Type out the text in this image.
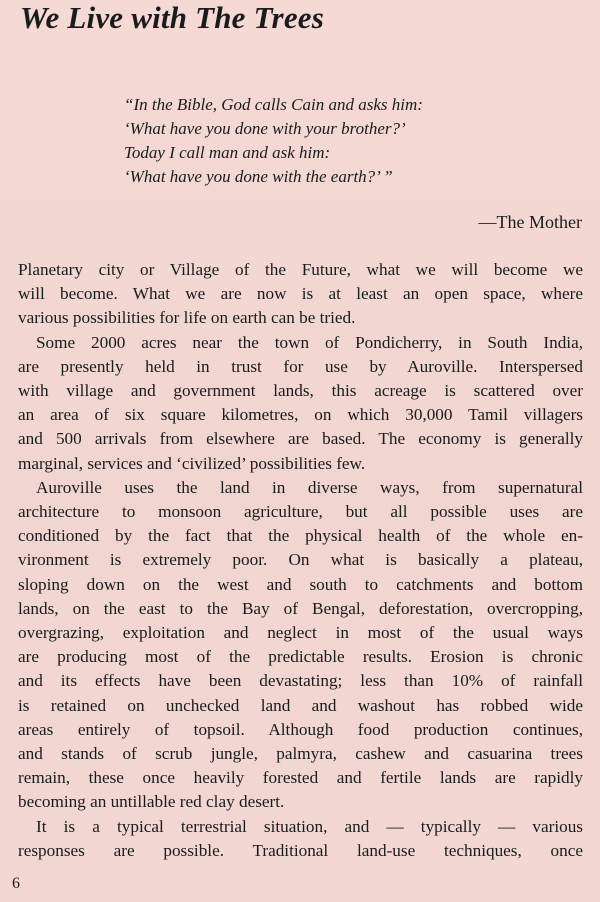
We Live with The Trees
“In the Bible, God calls Cain and asks him:
‘What have you done with your brother?’
Today I call man and ask him:
‘What have you done with the earth?’ ”
—The Mother
Planetary city or Village of the Future, what we will become we
will become. What we are now is at least an open space, where
various possibilities for life on earth can be tried.
Some 2000 acres near the town of Pondicherry, in South India,
are presently held in trust for use by Auroville. Interspersed
with village and government lands, this acreage is scattered over
an area of six square kilometres, on which 30,000 Tamil villagers
and 500 arrivals from elsewhere are based. The economy is generally
marginal, services and ‘civilized’ possibilities few.
Auroville uses the land in diverse ways, from supernatural
architecture to monsoon agriculture, but all possible uses are
conditioned by the fact that the physical health of the whole en-
vironment is extremely poor. On what is basically a plateau,
sloping down on the west and south to catchments and bottom
lands, on the east to the Bay of Bengal, deforestation, overcropping,
overgrazing, exploitation and neglect in most of the usual ways
are producing most of the predictable results. Erosion is chronic
and its effects have been devastating; less than 10% of rainfall
is retained on unchecked land and washout has robbed wide
areas entirely of topsoil. Although food production continues,
and stands of scrub jungle, palmyra, cashew and casuarina trees
remain, these once heavily forested and fertile lands are rapidly
becoming an untillable red clay desert.
It is a typical terrestrial situation, and — typically — various
responses are possible. Traditional land-use techniques, once
6
